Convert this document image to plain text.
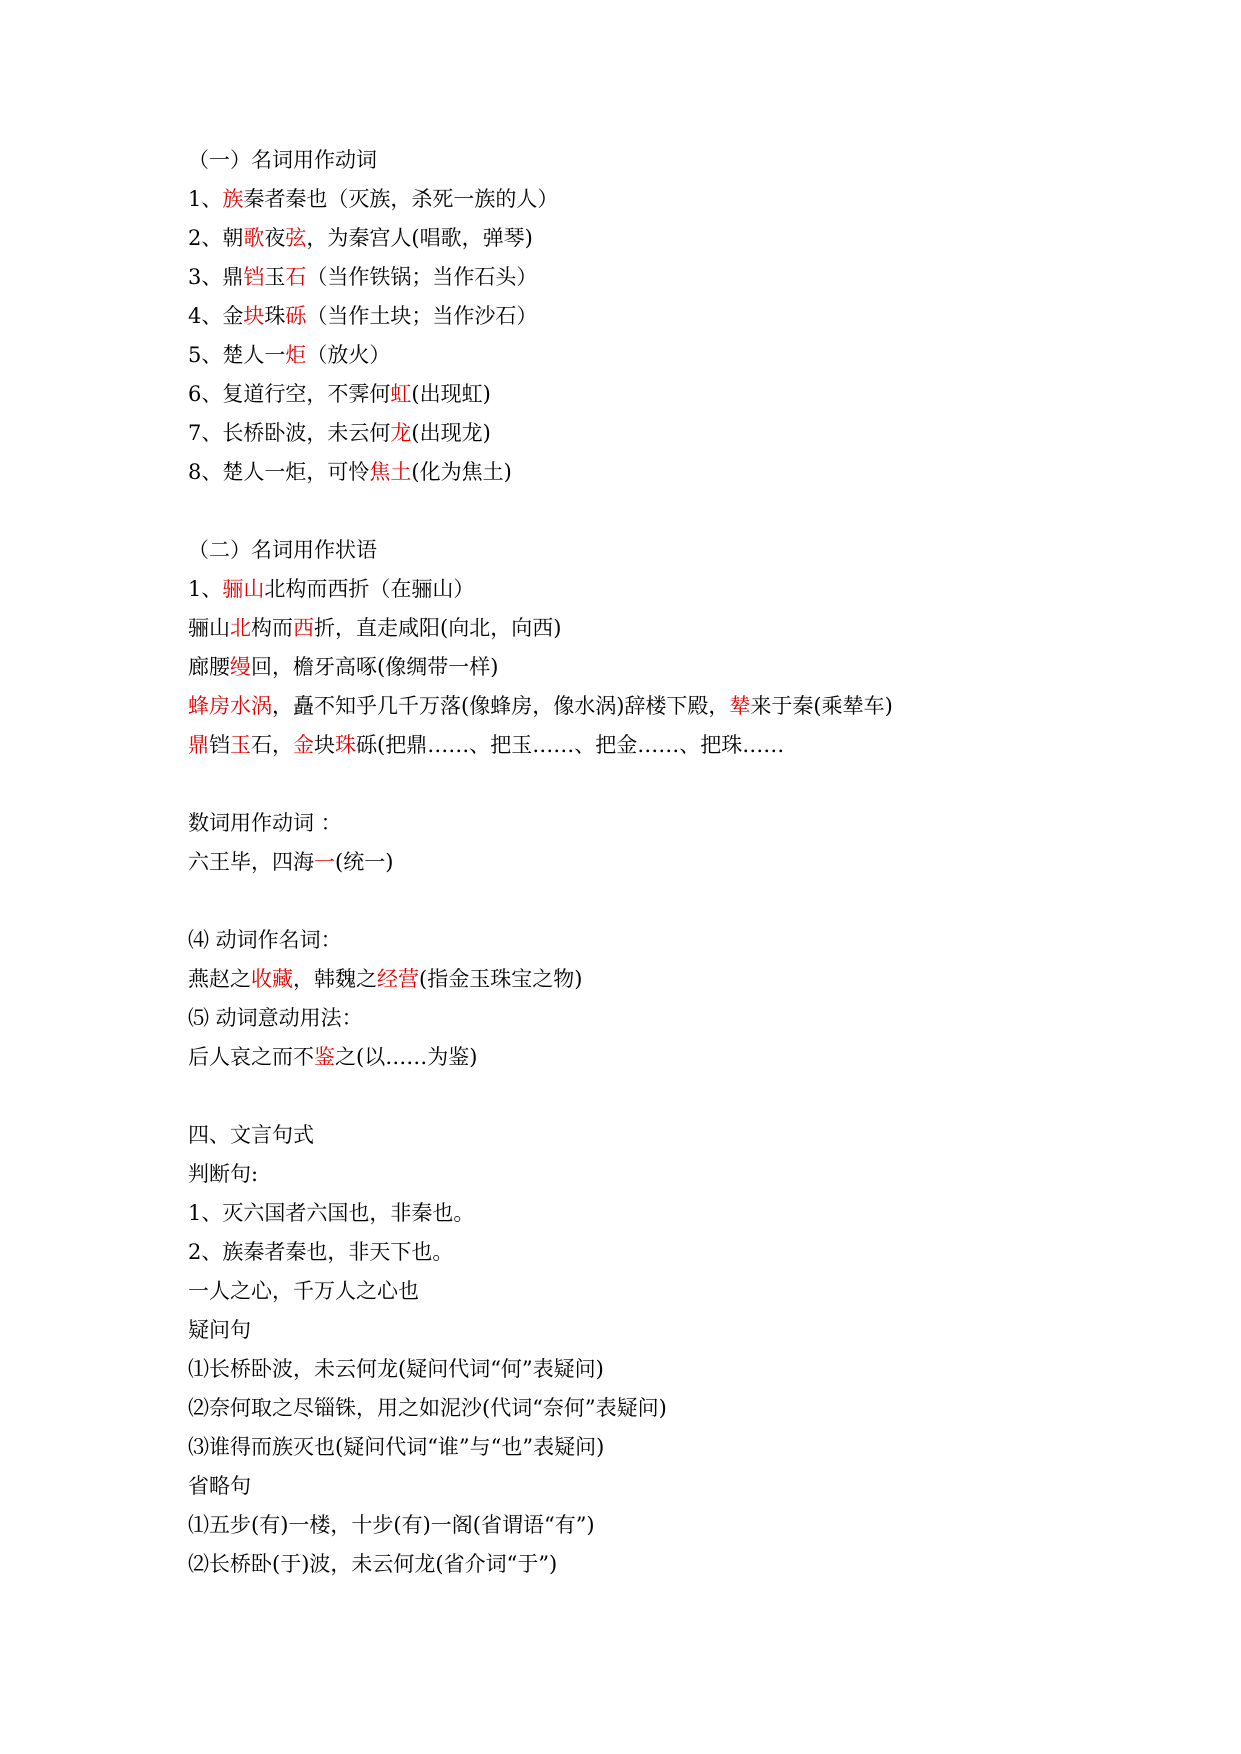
（一）名词用作动词
1、族秦者秦也（灭族，杀死一族的人）
2、朝歌夜弦，为秦宫人(唱歌，弹琴)
3、鼎铛玉石（当作铁锅；当作石头）
4、金块珠砾（当作土块；当作沙石）
5、楚人一炬（放火）
6、复道行空，不霁何虹(出现虹)
7、长桥卧波，未云何龙(出现龙)
8、楚人一炬，可怜焦土(化为焦土)
（二）名词用作状语
1、骊山北构而西折（在骊山）
骊山北构而西折，直走咸阳(向北，向西)
廊腰缦回，檐牙高啄(像绸带一样)
蜂房水涡，矗不知乎几千万落(像蜂房，像水涡)辞楼下殿，辇来于秦(乘辇车)
鼎铛玉石，金块珠砾(把鼎……、把玉……、把金……、把珠……
数词用作动词 ：
六王毕，四海一(统一)
⑷ 动词作名词：
燕赵之收藏，韩魏之经营(指金玉珠宝之物)
⑸ 动词意动用法：
后人哀之而不鉴之(以……为鉴)
四、文言句式
判断句:
1、灭六国者六国也，非秦也。
2、族秦者秦也，非天下也。
一人之心，千万人之心也
疑问句
⑴长桥卧波，未云何龙(疑问代词“何”表疑问)
⑵奈何取之尽锱铢，用之如泥沙(代词“奈何”表疑问)
⑶谁得而族灭也(疑问代词“谁”与“也”表疑问)
省略句
⑴五步(有)一楼，十步(有)一阁(省谓语“有”)
⑵长桥卧(于)波，未云何龙(省介词“于”)
